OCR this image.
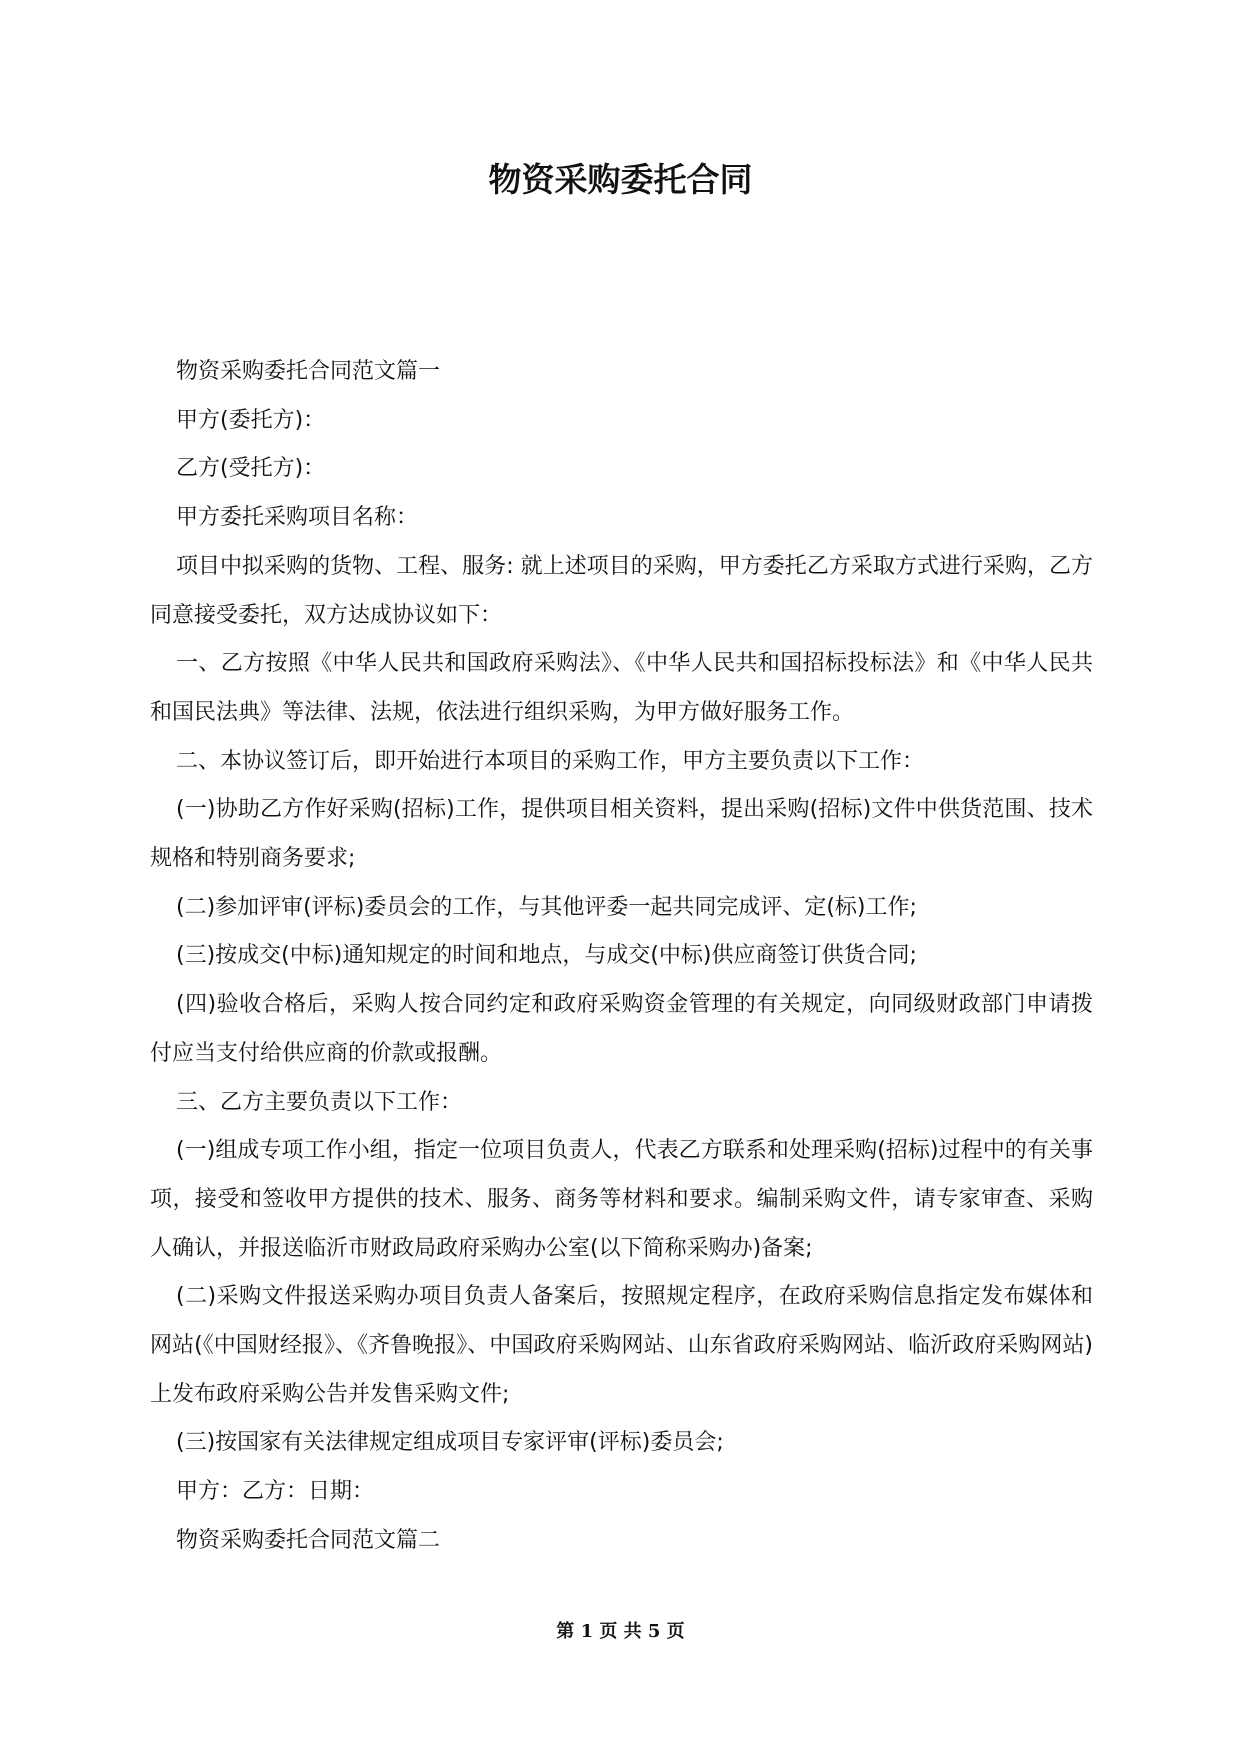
物资采购委托合同

物资采购委托合同范文篇一

甲方(委托方)：

乙方(受托方)：

甲方委托采购项目名称：

项目中拟采购的货物、工程、服务: 就上述项目的采购，甲方委托乙方采取方式进行采购，乙方同意接受委托，双方达成协议如下：

一、乙方按照《中华人民共和国政府采购法》、《中华人民共和国招标投标法》和《中华人民共和国民法典》等法律、法规，依法进行组织采购，为甲方做好服务工作。

二、本协议签订后，即开始进行本项目的采购工作，甲方主要负责以下工作：

(一)协助乙方作好采购(招标)工作，提供项目相关资料，提出采购(招标)文件中供货范围、技术规格和特别商务要求;

(二)参加评审(评标)委员会的工作，与其他评委一起共同完成评、定(标)工作;

(三)按成交(中标)通知规定的时间和地点，与成交(中标)供应商签订供货合同;

(四)验收合格后，采购人按合同约定和政府采购资金管理的有关规定，向同级财政部门申请拨付应当支付给供应商的价款或报酬。

三、乙方主要负责以下工作：

(一)组成专项工作小组，指定一位项目负责人，代表乙方联系和处理采购(招标)过程中的有关事项，接受和签收甲方提供的技术、服务、商务等材料和要求。编制采购文件，请专家审查、采购人确认，并报送临沂市财政局政府采购办公室(以下简称采购办)备案;

(二)采购文件报送采购办项目负责人备案后，按照规定程序，在政府采购信息指定发布媒体和网站(《中国财经报》、《齐鲁晚报》、中国政府采购网站、山东省政府采购网站、临沂政府采购网站)上发布政府采购公告并发售采购文件;

(三)按国家有关法律规定组成项目专家评审(评标)委员会;

甲方：乙方：日期：

物资采购委托合同范文篇二

第 1 页 共 5 页
